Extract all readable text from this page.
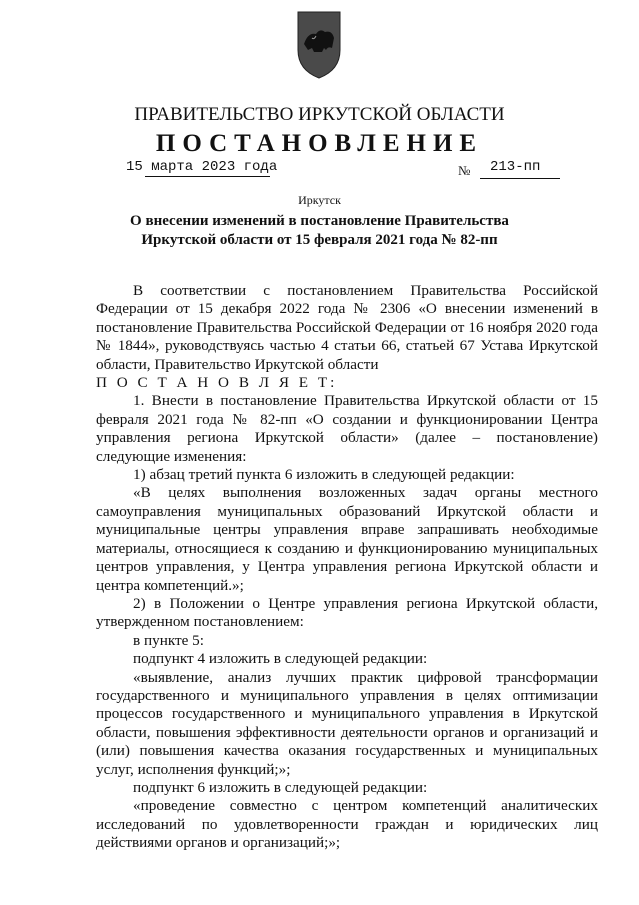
ПРАВИТЕЛЬСТВО ИРКУТСКОЙ ОБЛАСТИ
ПОСТАНОВЛЕНИЕ
15 марта 2023 года	№ 213-пп
Иркутск
О внесении изменений в постановление Правительства
Иркутской области от 15 февраля 2021 года № 82-пп

В соответствии с постановлением Правительства Российской Федерации от 15 декабря 2022 года № 2306 «О внесении изменений в постановление Правительства Российской Федерации от 16 ноября 2020 года № 1844», руководствуясь частью 4 статьи 66, статьей 67 Устава Иркутской области, Правительство Иркутской области

П О С Т А Н О В Л Я Е Т:

1. Внести в постановление Правительства Иркутской области от 15 февраля 2021 года № 82-пп «О создании и функционировании Центра управления региона Иркутской области» (далее – постановление) следующие изменения:

1) абзац третий пункта 6 изложить в следующей редакции:

«В целях выполнения возложенных задач органы местного самоуправления муниципальных образований Иркутской области и муниципальные центры управления вправе запрашивать необходимые материалы, относящиеся к созданию и функционированию муниципальных центров управления, у Центра управления региона Иркутской области и центра компетенций.»;

2) в Положении о Центре управления региона Иркутской области, утвержденном постановлением:

в пункте 5:

подпункт 4 изложить в следующей редакции:

«выявление, анализ лучших практик цифровой трансформации государственного и муниципального управления в целях оптимизации процессов государственного и муниципального управления в Иркутской области, повышения эффективности деятельности органов и организаций и (или) повышения качества оказания государственных и муниципальных услуг, исполнения функций;»;

подпункт 6 изложить в следующей редакции:

«проведение совместно с центром компетенций аналитических исследований по удовлетворенности граждан и юридических лиц действиями органов и организаций;»;
